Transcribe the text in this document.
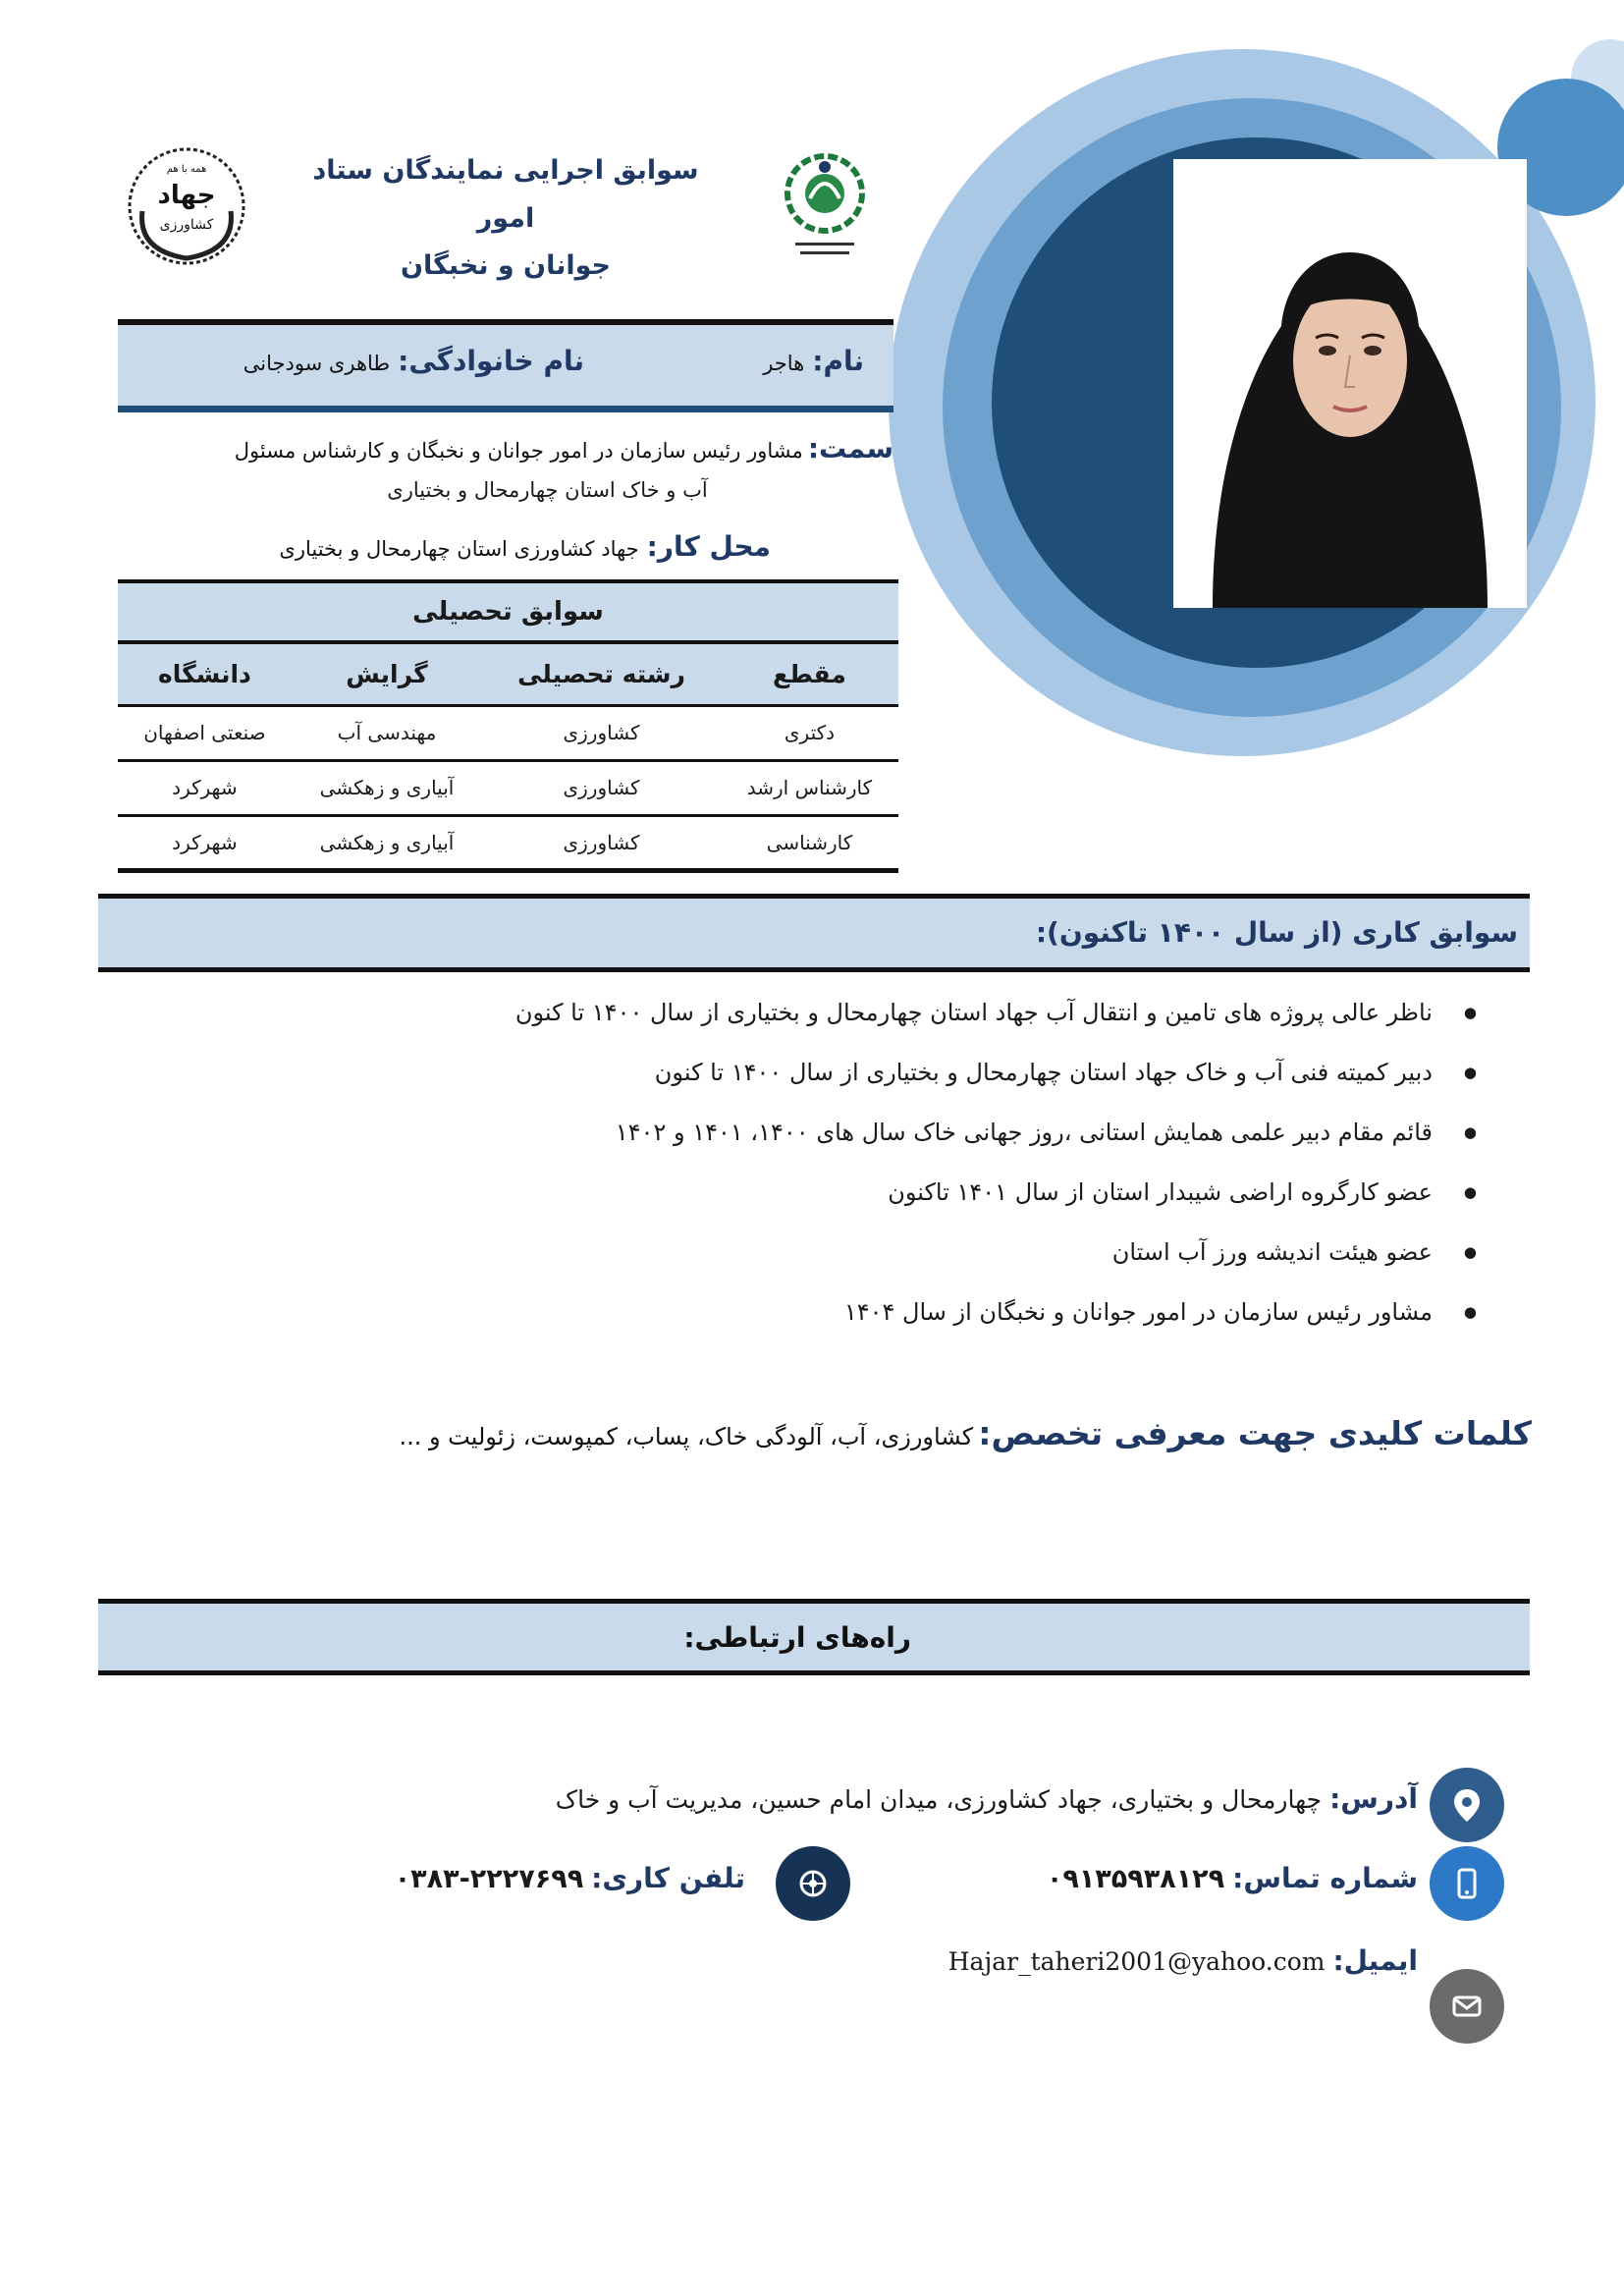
جهاد
کشاورزی
همه با هم	سوابق اجرایی نمایندگان ستاد امور
جوانان و نخبگان
نام:
هاجر
نام خانوادگی:
طاهری سودجانی
سمت: مشاور رئیس سازمان در امور جوانان و نخبگان و کارشناس مسئول
آب و خاک استان چهارمحال و بختیاری
محل کار:
جهاد کشاورزی استان چهارمحال و بختیاری
سوابق تحصیلی
مقطع	رشته تحصیلی	گرایش	دانشگاه
دکتری	کشاورزی	مهندسی آب	صنعتی اصفهان
کارشناس ارشد	کشاورزی	آبیاری و زهکشی	شهرکرد
کارشناسی	کشاورزی	آبیاری و زهکشی	شهرکرد
سوابق کاری (از سال ۱۴۰۰ تاکنون):
● ناظر عالی پروژه های تامین و انتقال آب جهاد استان چهارمحال و بختیاری از سال ۱۴۰۰ تا کنون
● دبیر کمیته فنی آب و خاک جهاد استان چهارمحال و بختیاری از سال ۱۴۰۰ تا کنون
● قائم مقام دبیر علمی همایش استانی ،روز جهانی خاک سال های ۱۴۰۰، ۱۴۰۱ و ۱۴۰۲
● عضو کارگروه اراضی شیبدار استان از سال ۱۴۰۱ تاکنون
● عضو هیئت اندیشه ورز آب استان
● مشاور رئیس سازمان در امور جوانان و نخبگان از سال ۱۴۰۴
کلمات کلیدی جهت معرفی تخصص: کشاورزی، آب، آلودگی خاک، پساب، کمپوست، زئولیت و ...
راه‌های ارتباطی:
آدرس:
چهارمحال و بختیاری، جهاد کشاورزی، میدان امام حسین، مدیریت آب و خاک
شماره تماس:
۰۹۱۳۵۹۳۸۱۲۹
تلفن کاری:
۰۳۸۳-۲۲۲۷۶۹۹
ایمیل:
Hajar_taheri2001@yahoo.com
